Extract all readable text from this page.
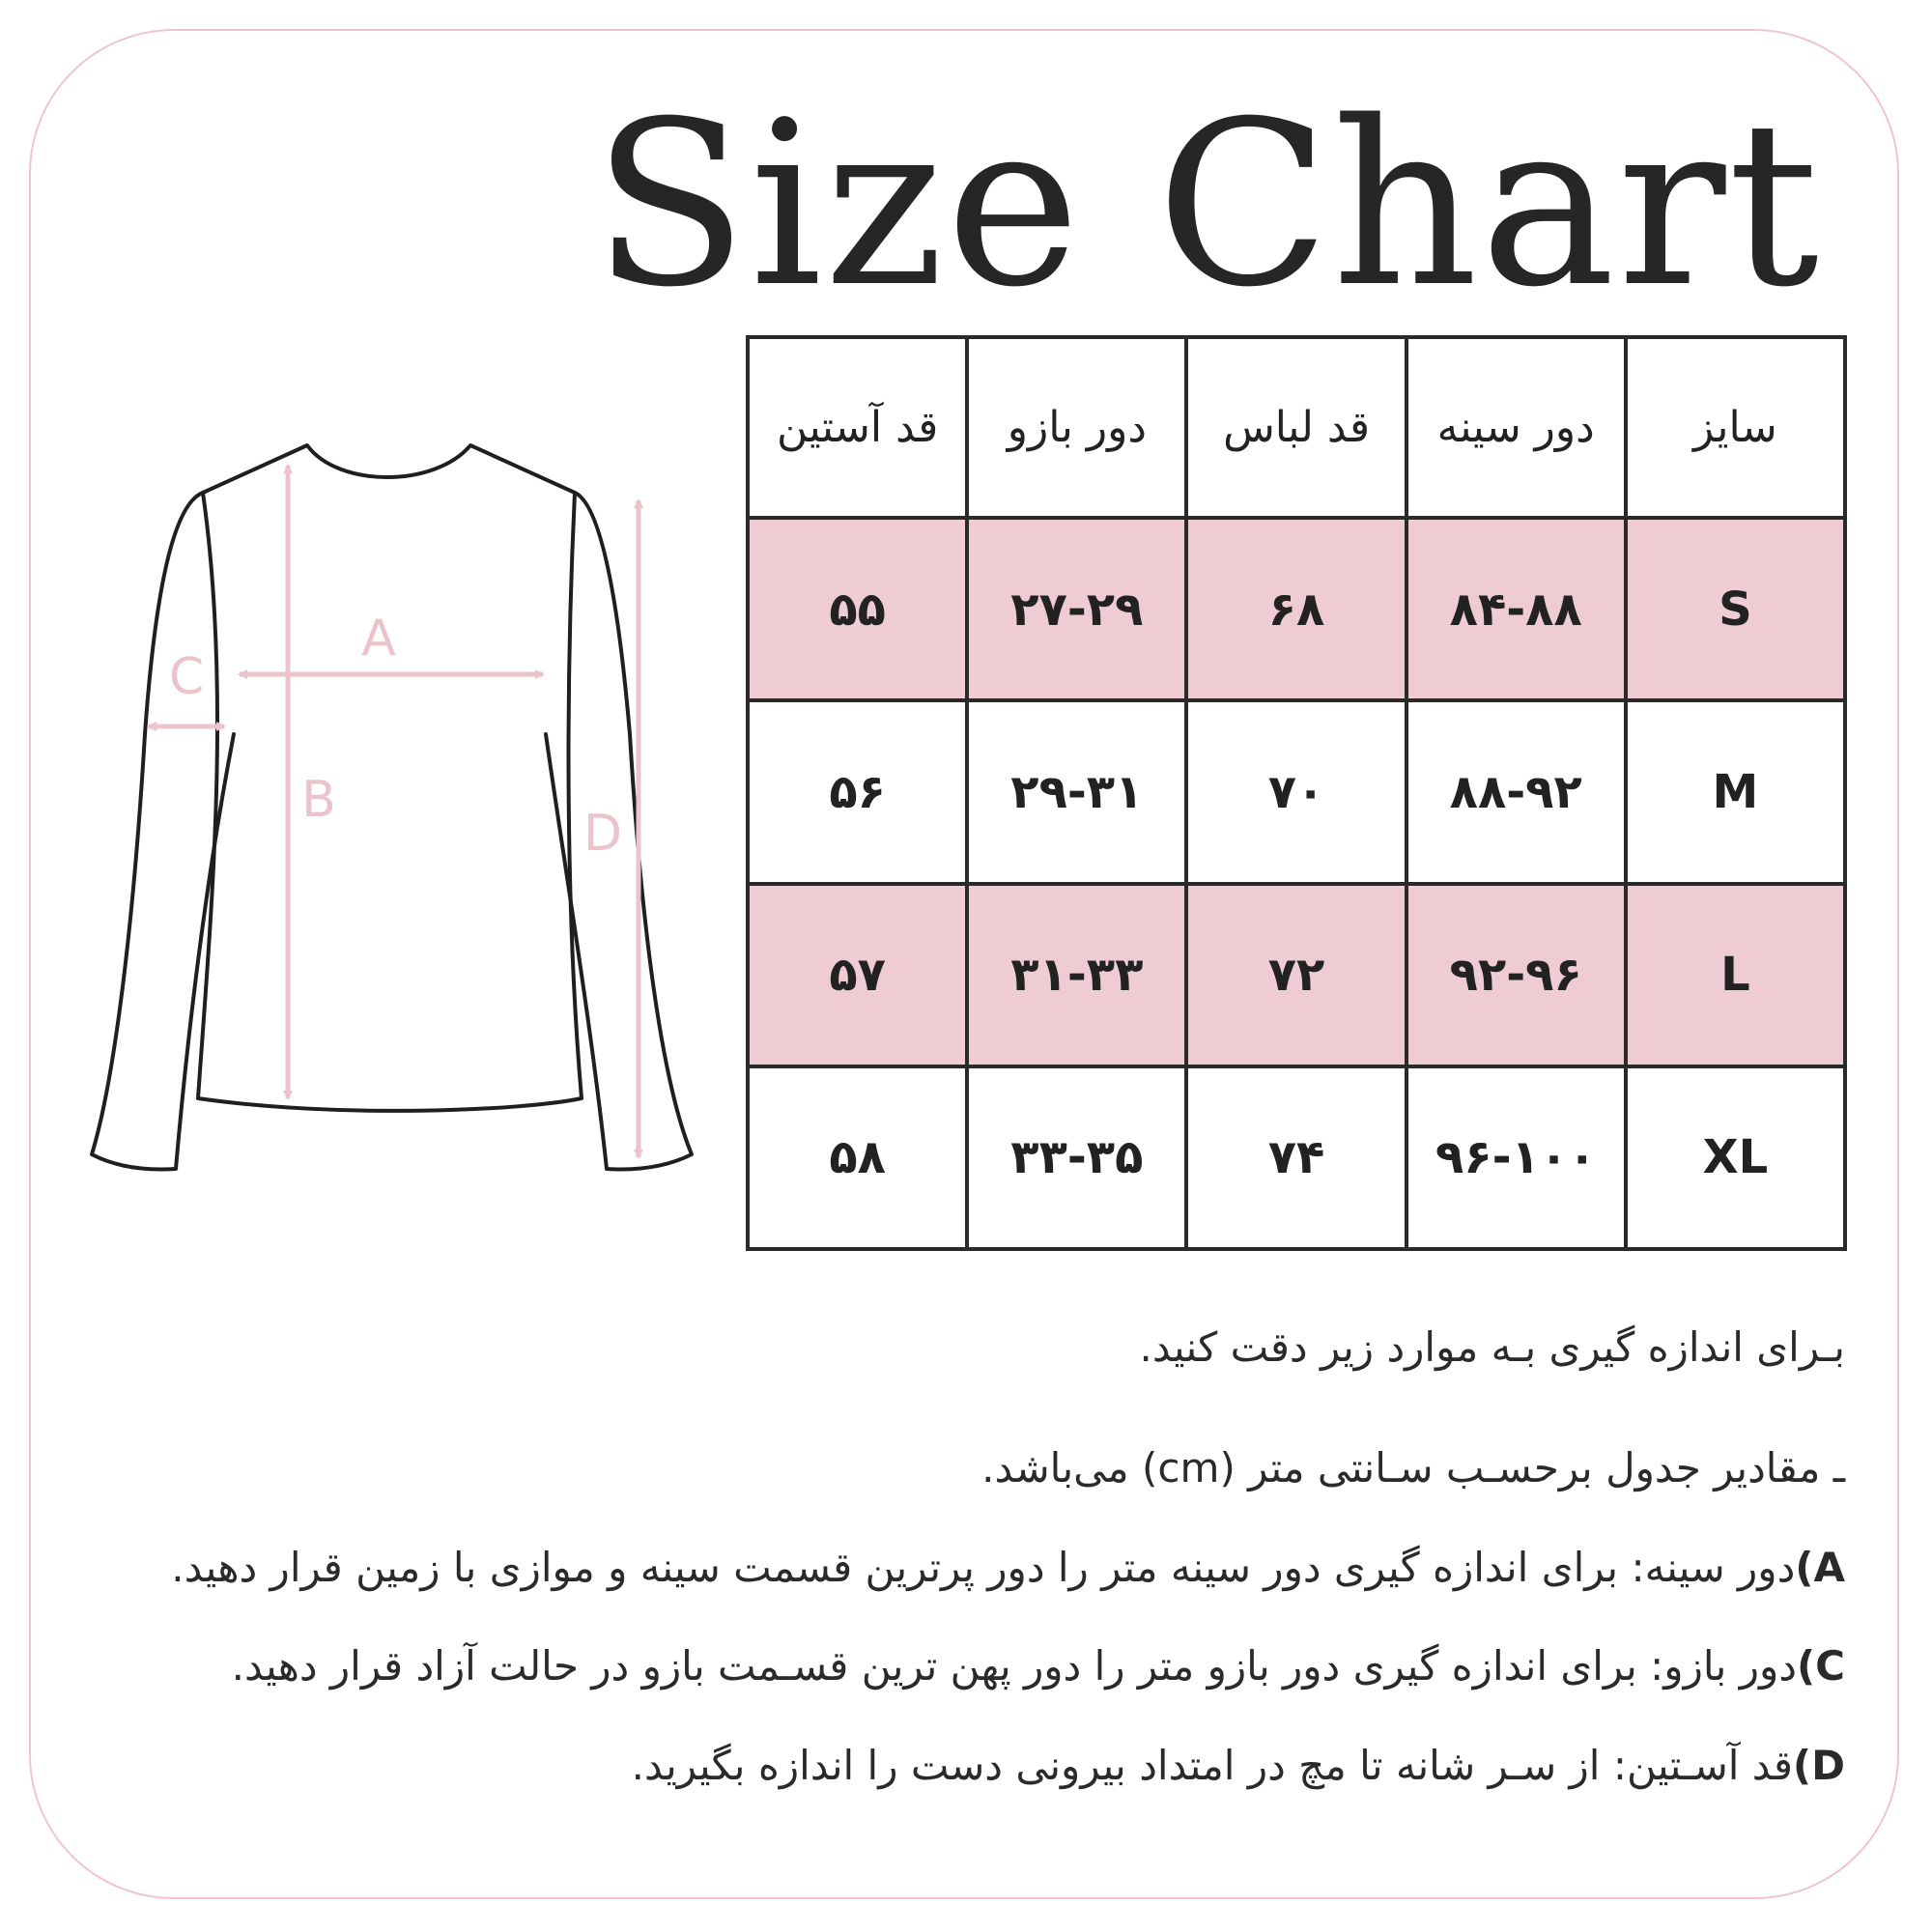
Size Chart
A
B
C
D
سایز	دور سینه	قد لباس	دور بازو	قد آستین
S	۸۴-۸۸	۶۸	۲۷-۲۹	۵۵
M	۸۸-۹۲	۷۰	۲۹-۳۱	۵۶
L	۹۲-۹۶	۷۲	۳۱-۳۳	۵۷
XL	۹۶-۱۰۰	۷۴	۳۳-۳۵	۵۸

بـرای اندازه گیری بـه موارد زیر دقت کنید.

ـ مقادیر جدول برحسـب سـانتی متر (cm) می‌باشد.

A)دور سینه: برای اندازه گیری دور سینه متر را دور پرترین قسمت سینه و موازی با زمین قرار دهید.

C)دور بازو: برای اندازه گیری دور بازو متر را دور پهن ترین قسـمت بازو در حالت آزاد قرار دهید.

D)قد آسـتین: از سـر شانه تا مچ در امتداد بیرونی دست را اندازه بگیرید.
